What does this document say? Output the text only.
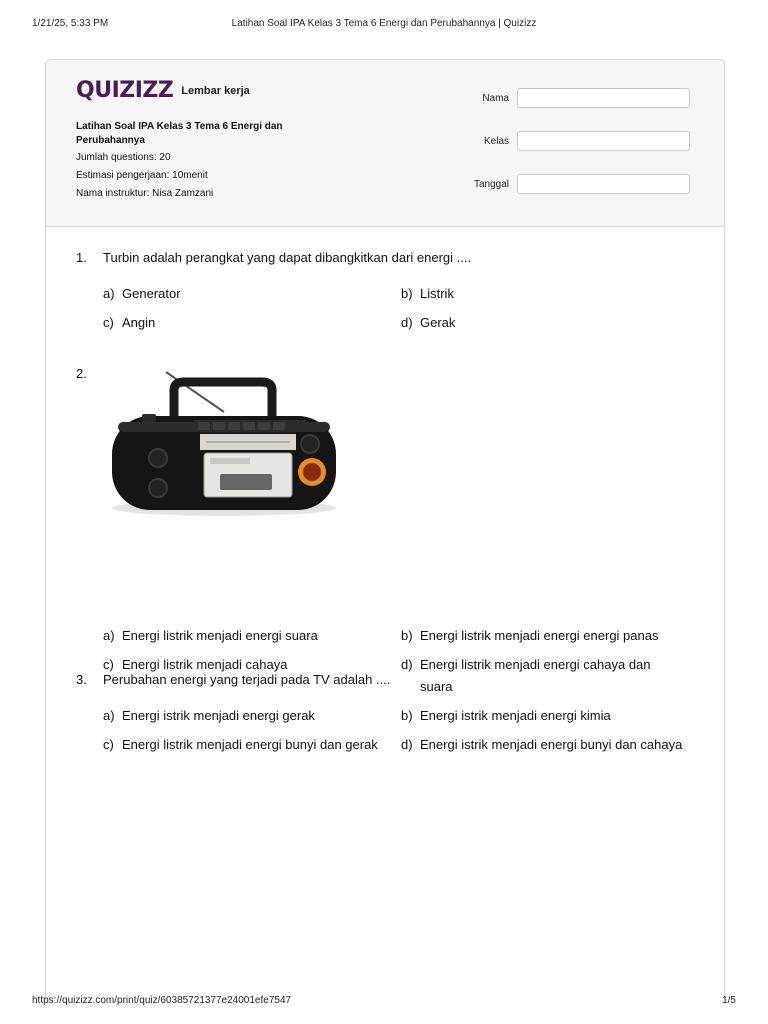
1/21/25, 5:33 PM	Latihan Soal IPA Kelas 3 Tema 6 Energi dan Perubahannya | Quizizz
QUIZIZZ Lembar kerja
Latihan Soal IPA Kelas 3 Tema 6 Energi dan Perubahannya
Jumlah questions: 20
Estimasi pengerjaan: 10menit
Nama instruktur: Nisa Zamzani
Nama
Kelas
Tanggal
1. Turbin adalah perangkat yang dapat dibangkitkan dari energi ....
a) Generator	b) Listrik
c) Angin	d) Gerak
2.
a) Energi listrik menjadi energi suara	b) Energi listrik menjadi energi energi panas
c) Energi listrik menjadi cahaya	d) Energi listrik menjadi energi cahaya dan
suara
3. Perubahan energi yang terjadi pada TV adalah ....
a) Energi istrik menjadi energi gerak	b) Energi istrik menjadi energi kimia
c) Energi listrik menjadi energi bunyi dan gerak d) Energi istrik menjadi energi bunyi dan cahaya
https://quizizz.com/print/quiz/60385721377e24001efe7547	1/5
